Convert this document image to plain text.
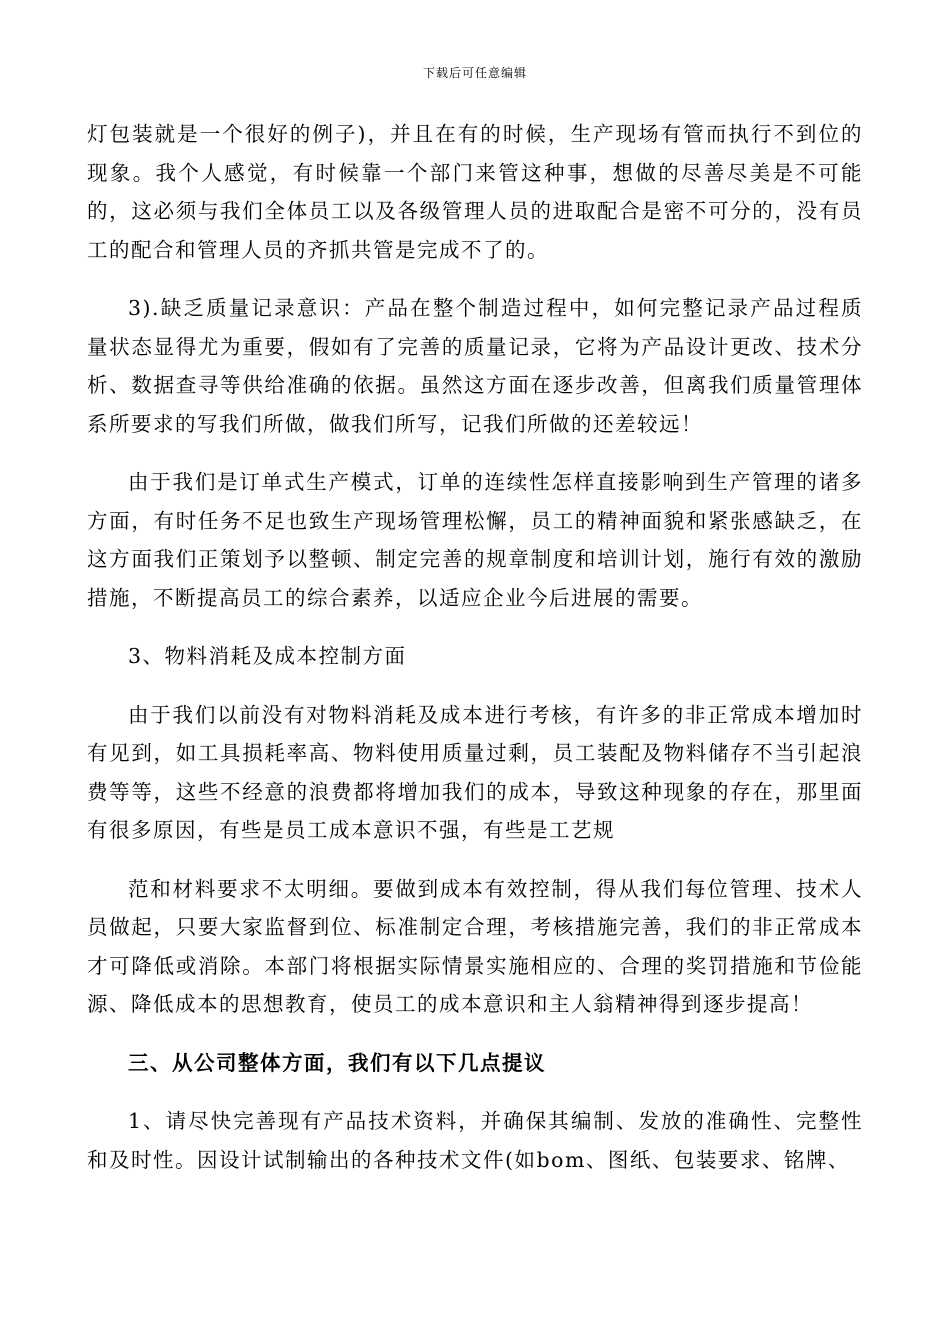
下载后可任意编辑

灯包装就是一个很好的例子)，并且在有的时候，生产现场有管而执行不到位的现象。我个人感觉，有时候靠一个部门来管这种事，想做的尽善尽美是不可能的，这必须与我们全体员工以及各级管理人员的进取配合是密不可分的，没有员工的配合和管理人员的齐抓共管是完成不了的。

3).缺乏质量记录意识：产品在整个制造过程中，如何完整记录产品过程质量状态显得尤为重要，假如有了完善的质量记录，它将为产品设计更改、技术分析、数据查寻等供给准确的依据。虽然这方面在逐步改善，但离我们质量管理体系所要求的写我们所做，做我们所写，记我们所做的还差较远！

由于我们是订单式生产模式，订单的连续性怎样直接影响到生产管理的诸多方面，有时任务不足也致生产现场管理松懈，员工的精神面貌和紧张感缺乏，在这方面我们正策划予以整顿、制定完善的规章制度和培训计划，施行有效的激励措施，不断提高员工的综合素养，以适应企业今后进展的需要。

3、物料消耗及成本控制方面

由于我们以前没有对物料消耗及成本进行考核，有许多的非正常成本增加时有见到，如工具损耗率高、物料使用质量过剩，员工装配及物料储存不当引起浪费等等，这些不经意的浪费都将增加我们的成本，导致这种现象的存在，那里面有很多原因，有些是员工成本意识不强，有些是工艺规

范和材料要求不太明细。要做到成本有效控制，得从我们每位管理、技术人员做起，只要大家监督到位、标准制定合理，考核措施完善，我们的非正常成本才可降低或消除。本部门将根据实际情景实施相应的、合理的奖罚措施和节俭能源、降低成本的思想教育，使员工的成本意识和主人翁精神得到逐步提高！

三、从公司整体方面，我们有以下几点提议

1、请尽快完善现有产品技术资料，并确保其编制、发放的准确性、完整性和及时性。因设计试制输出的各种技术文件(如bom、图纸、包装要求、铭牌、
